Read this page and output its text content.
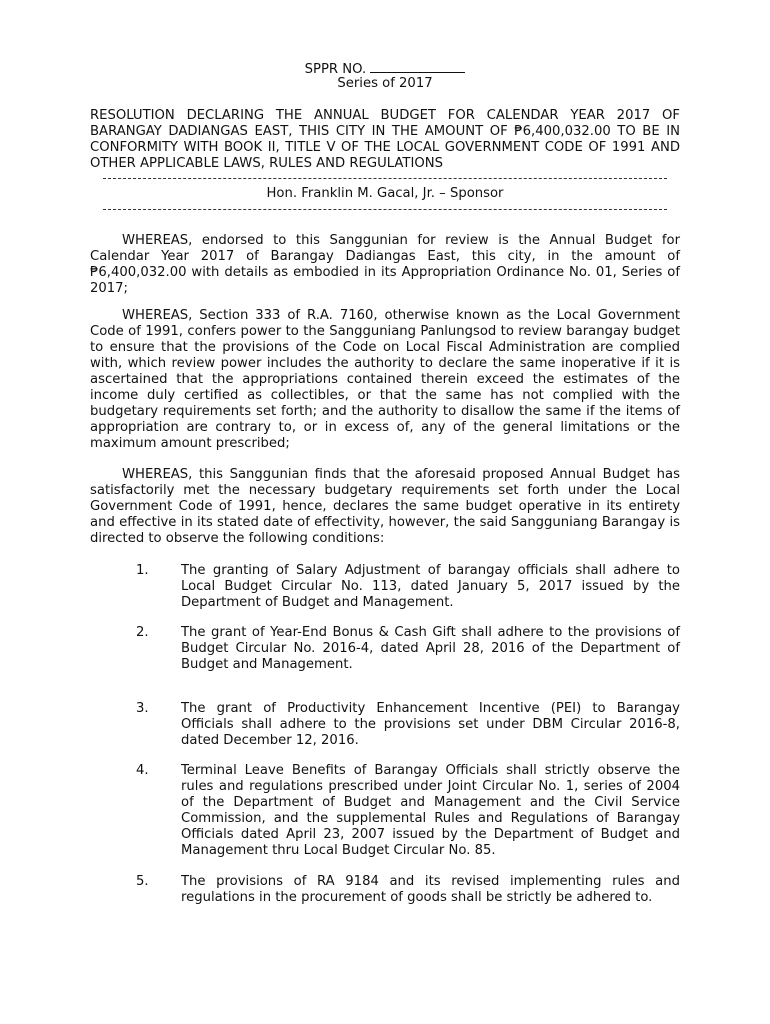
SPPR NO.
Series of 2017
RESOLUTION DECLARING THE ANNUAL BUDGET FOR CALENDAR YEAR 2017 OF BARANGAY DADIANGAS EAST, THIS CITY IN THE AMOUNT OF ₱6,400,032.00 TO BE IN CONFORMITY WITH BOOK II, TITLE V OF THE LOCAL GOVERNMENT CODE OF 1991 AND OTHER APPLICABLE LAWS, RULES AND REGULATIONS
Hon. Franklin M. Gacal, Jr. – Sponsor
WHEREAS, endorsed to this Sanggunian for review is the Annual Budget for Calendar Year 2017 of Barangay Dadiangas East, this city, in the amount of ₱6,400,032.00 with details as embodied in its Appropriation Ordinance No. 01, Series of 2017;
WHEREAS, Section 333 of R.A. 7160, otherwise known as the Local Government Code of 1991, confers power to the Sangguniang Panlungsod to review barangay budget to ensure that the provisions of the Code on Local Fiscal Administration are complied with, which review power includes the authority to declare the same inoperative if it is ascertained that the appropriations contained therein exceed the estimates of the income duly certified as collectibles, or that the same has not complied with the budgetary requirements set forth; and the authority to disallow the same if the items of appropriation are contrary to, or in excess of, any of the general limitations or the maximum amount prescribed;
WHEREAS, this Sanggunian finds that the aforesaid proposed Annual Budget has satisfactorily met the necessary budgetary requirements set forth under the Local Government Code of 1991, hence, declares the same budget operative in its entirety and effective in its stated date of effectivity, however, the said Sangguniang Barangay is directed to observe the following conditions:
1.	The granting of Salary Adjustment of barangay officials shall adhere to Local Budget Circular No. 113, dated January 5, 2017 issued by the Department of Budget and Management.
2.	The grant of Year-End Bonus & Cash Gift shall adhere to the provisions of Budget Circular No. 2016-4, dated April 28, 2016 of the Department of Budget and Management.
3.	The grant of Productivity Enhancement Incentive (PEI) to Barangay Officials shall adhere to the provisions set under DBM Circular 2016-8, dated December 12, 2016.
4.	Terminal Leave Benefits of Barangay Officials shall strictly observe the rules and regulations prescribed under Joint Circular No. 1, series of 2004 of the Department of Budget and Management and the Civil Service Commission, and the supplemental Rules and Regulations of Barangay Officials dated April 23, 2007 issued by the Department of Budget and Management thru Local Budget Circular No. 85.
5.	The provisions of RA 9184 and its revised implementing rules and regulations in the procurement of goods shall be strictly be adhered to.
